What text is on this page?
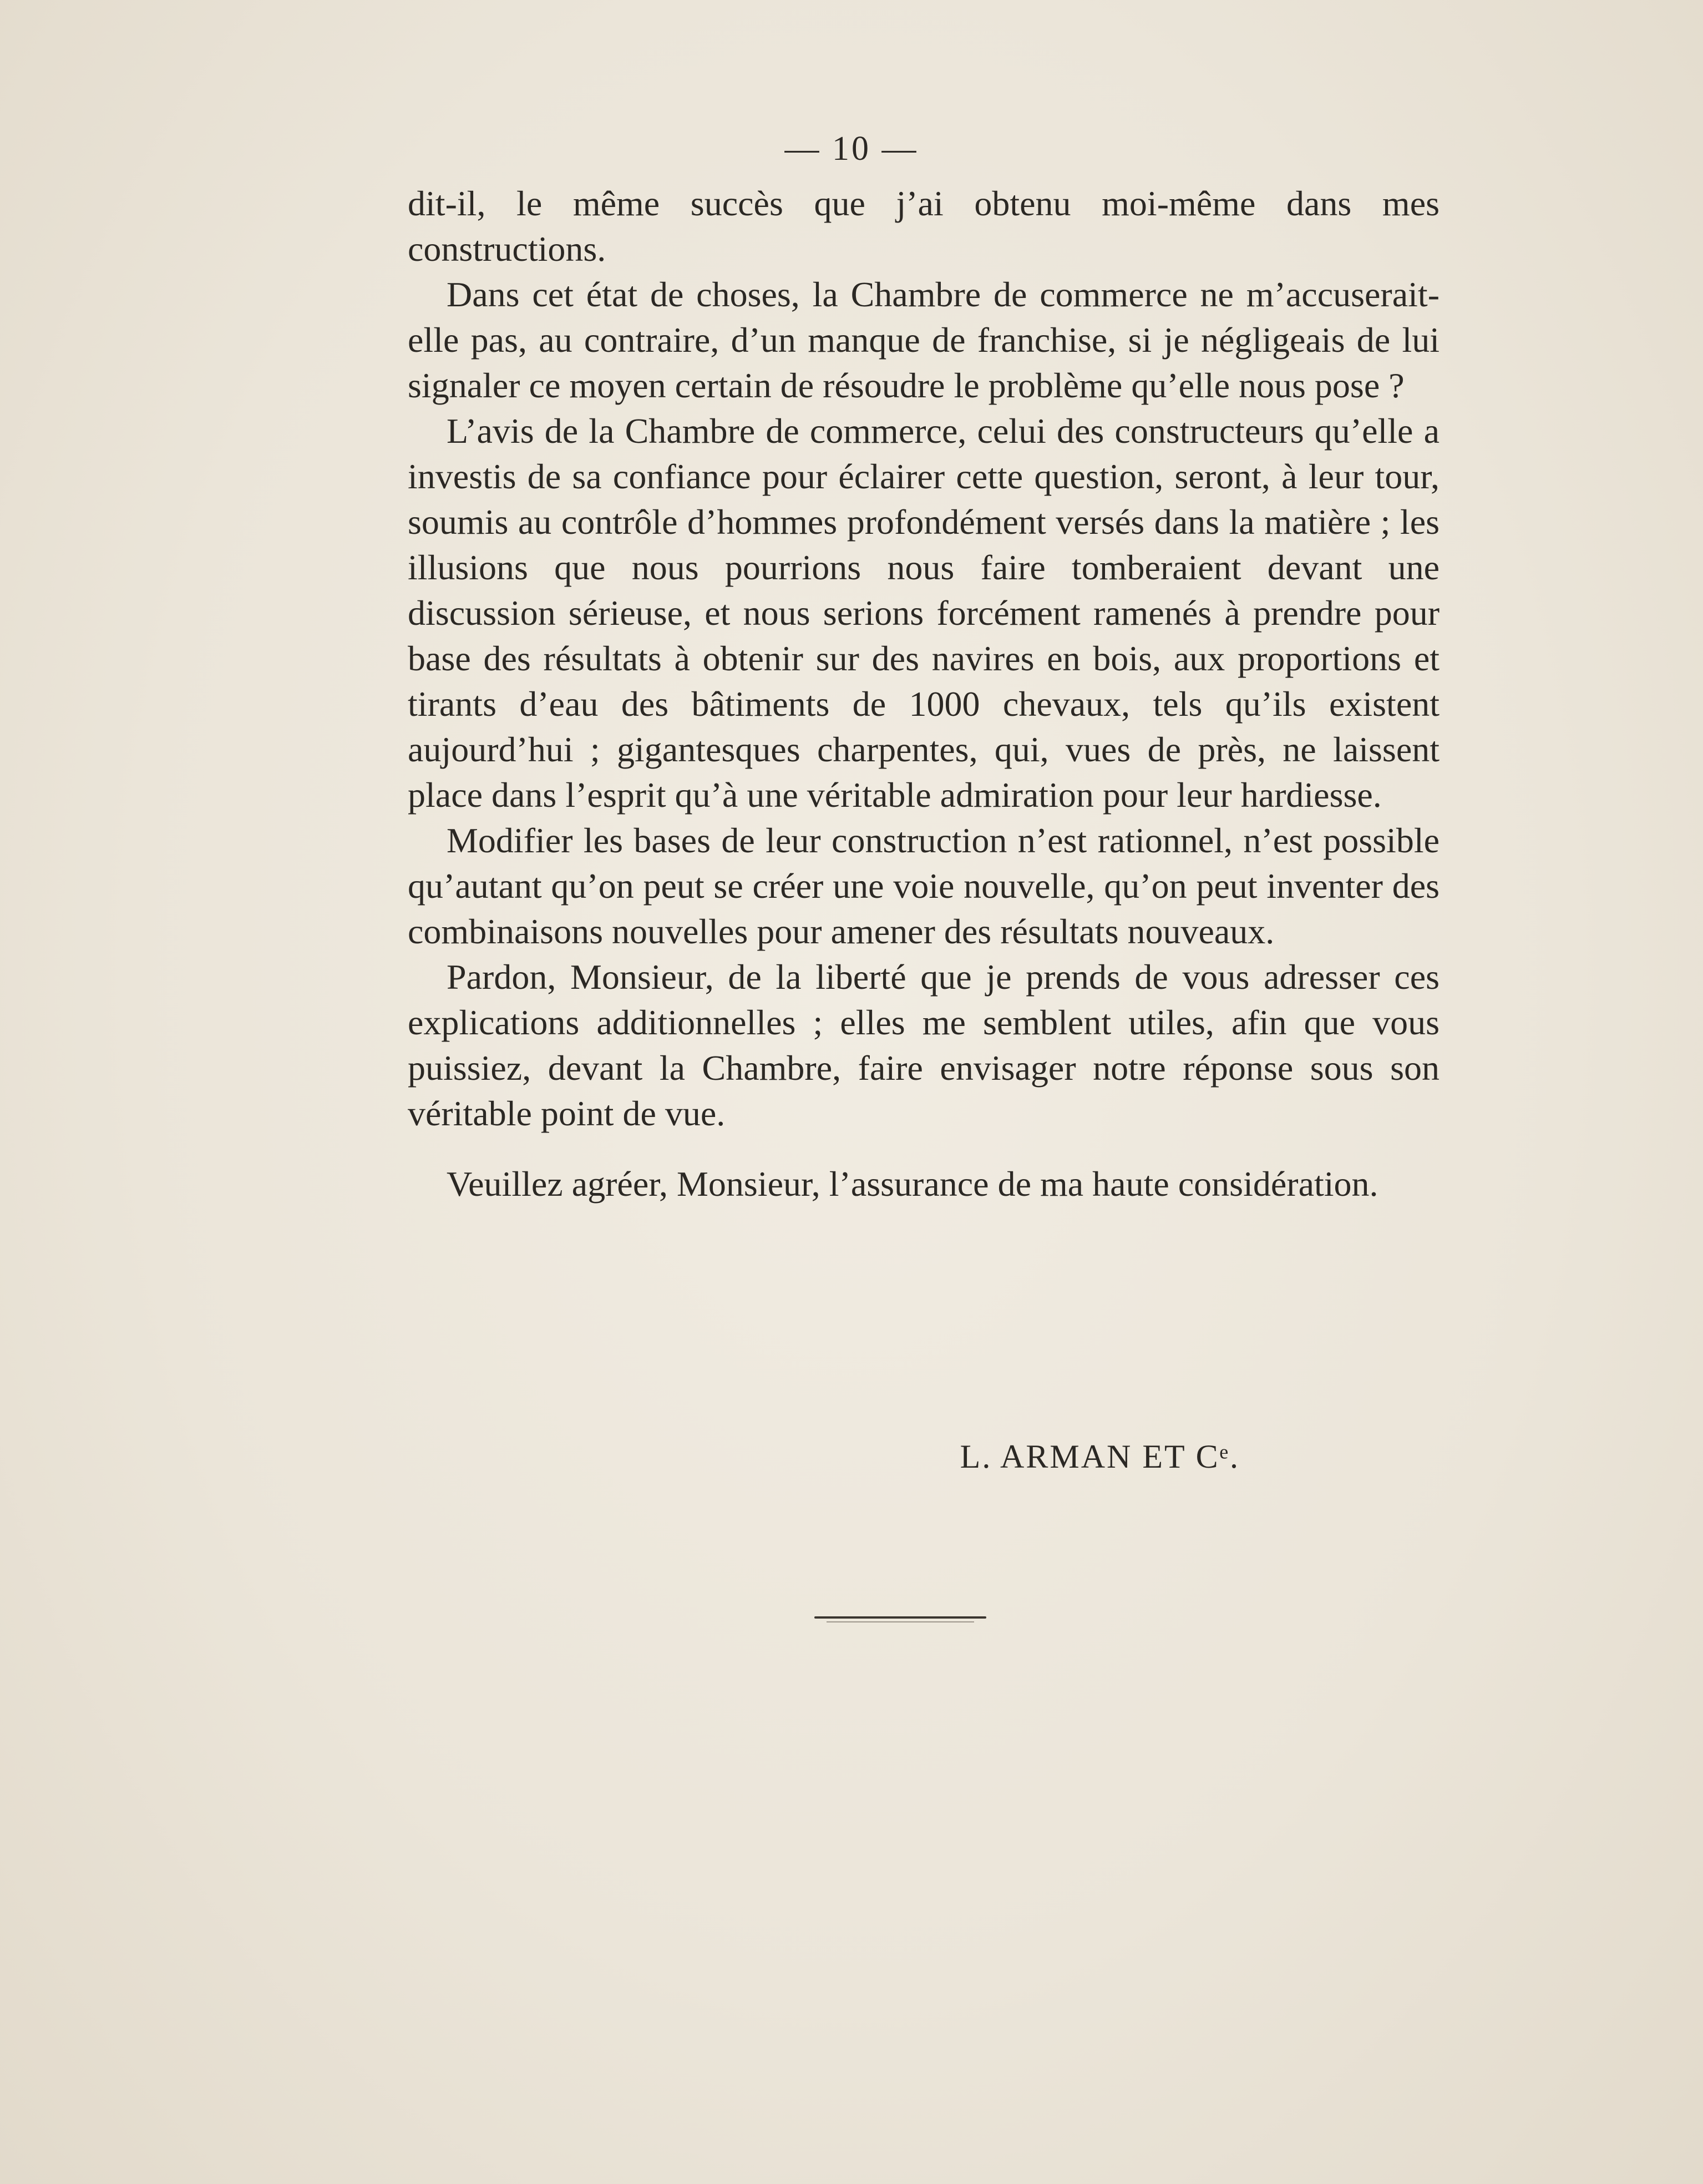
— 10 —

dit-il, le même succès que j’ai obtenu moi-même dans mes constructions.

Dans cet état de choses, la Chambre de commerce ne m’accuserait-elle pas, au contraire, d’un manque de franchise, si je négligeais de lui signaler ce moyen certain de résoudre le problème qu’elle nous pose ?

L’avis de la Chambre de commerce, celui des constructeurs qu’elle a investis de sa confiance pour éclairer cette question, seront, à leur tour, soumis au contrôle d’hommes profondément versés dans la matière ; les illusions que nous pourrions nous faire tomberaient devant une discussion sérieuse, et nous serions forcément ramenés à prendre pour base des résultats à obtenir sur des navires en bois, aux proportions et tirants d’eau des bâtiments de 1000 chevaux, tels qu’ils existent aujourd’hui ; gigantesques charpentes, qui, vues de près, ne laissent place dans l’esprit qu’à une véritable admiration pour leur hardiesse.

Modifier les bases de leur construction n’est rationnel, n’est possible qu’autant qu’on peut se créer une voie nouvelle, qu’on peut inventer des combinaisons nouvelles pour amener des résultats nouveaux.

Pardon, Monsieur, de la liberté que je prends de vous adresser ces explications additionnelles ; elles me semblent utiles, afin que vous puissiez, devant la Chambre, faire envisager notre réponse sous son véritable point de vue.

Veuillez agréer, Monsieur, l’assurance de ma haute considération.

L. ARMAN ET Cᵉ.
